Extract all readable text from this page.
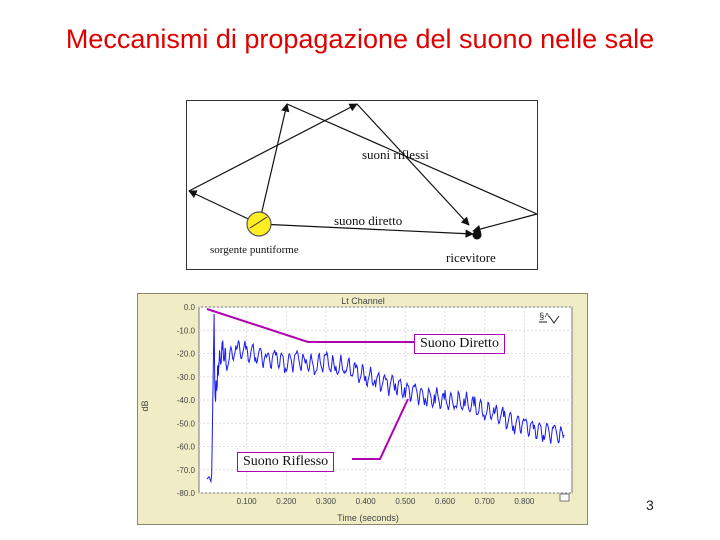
Meccanismi di propagazione del suono nelle sale
suoni riflessi
suono diretto
sorgente puntiforme	ricevitore
Lt Channel
0.0
-10.0
-20.0
-30.0
-40.0
-50.0
-60.0
-70.0
-80.0
0.100 0.200 0.300 0.400 0.500 0.600 0.700 0.800
dB
Time (seconds)
§^
Suono Diretto
Suono Riflesso
3
